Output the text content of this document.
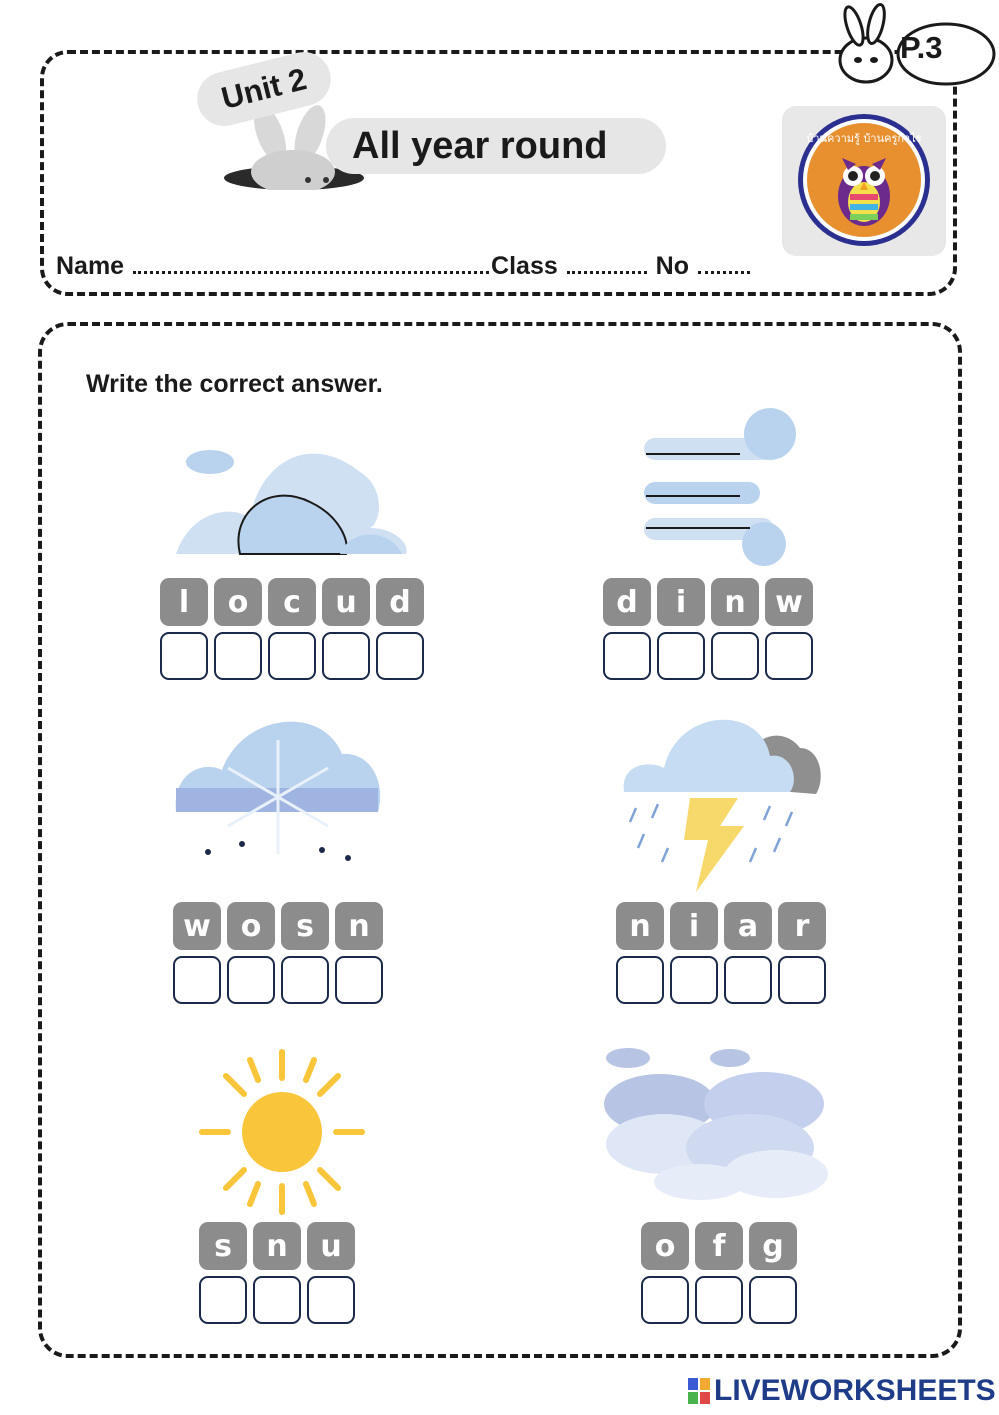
Unit 2
All year round	บ้านความรู้ บ้านครูกำไร
P.3
Name	Class	No
Write the correct answer.
l	o	c	u	d	d	i	n w
w o	s	n	n	i	a	r
s	n	u	o	f	g
LIVEWORKSHEETS
